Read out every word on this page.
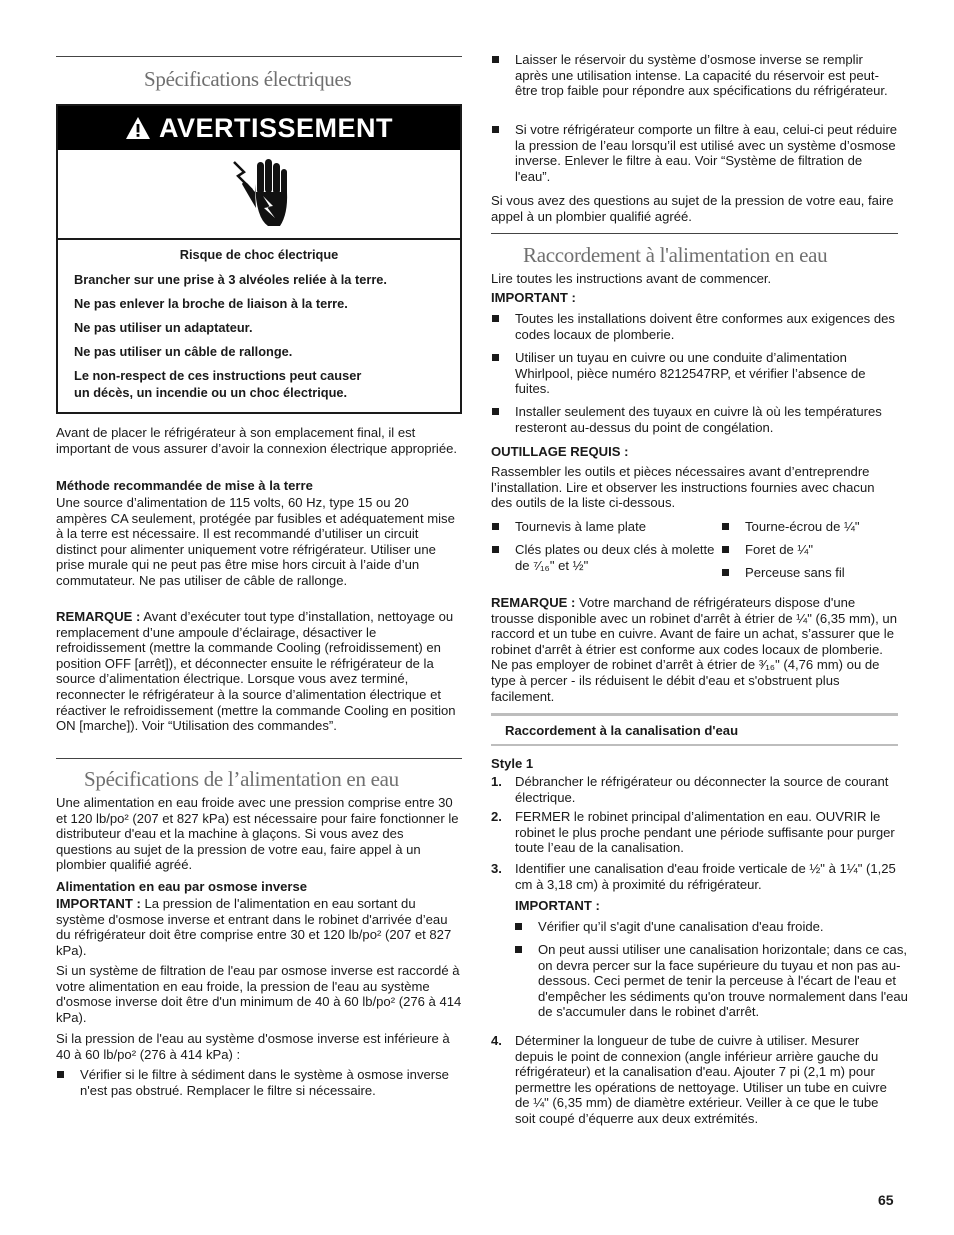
Spécifications électriques
AVERTISSEMENT

Risque de choc électrique

Brancher sur une prise à 3 alvéoles reliée à la terre.

Ne pas enlever la broche de liaison à la terre.

Ne pas utiliser un adaptateur.

Ne pas utiliser un câble de rallonge.

Le non-respect de ces instructions peut causer

un décès, un incendie ou un choc électrique.

Avant de placer le réfrigérateur à son emplacement final, il est important de vous assurer d’avoir la connexion électrique appropriée.

Méthode recommandée de mise à la terre

Une source d’alimentation de 115 volts, 60 Hz, type 15 ou 20 ampères CA seulement, protégée par fusibles et adéquatement mise à la terre est nécessaire. Il est recommandé d’utiliser un circuit distinct pour alimenter uniquement votre réfrigérateur. Utiliser une prise murale qui ne peut pas être mise hors circuit à l’aide d’un commutateur. Ne pas utiliser de câble de rallonge.

REMARQUE : Avant d’exécuter tout type d’installation, nettoyage ou remplacement d’une ampoule d’éclairage, désactiver le refroidissement (mettre la commande Cooling (refroidissement) en position OFF [arrêt]), et déconnecter ensuite le réfrigérateur de la source d’alimentation électrique. Lorsque vous avez terminé, reconnecter le réfrigérateur à la source d’alimentation électrique et réactiver le refroidissement (mettre la commande Cooling en position ON [marche]). Voir “Utilisation des commandes”.

Spécifications de l’alimentation en eau

Une alimentation en eau froide avec une pression comprise entre 30 et 120 lb/po² (207 et 827 kPa) est nécessaire pour faire fonctionner le distributeur d'eau et la machine à glaçons. Si vous avez des questions au sujet de la pression de votre eau, faire appel à un plombier qualifié agréé.

Alimentation en eau par osmose inverse

IMPORTANT : La pression de l'alimentation en eau sortant du système d'osmose inverse et entrant dans le robinet d'arrivée d’eau du réfrigérateur doit être comprise entre 30 et 120 lb/po² (207 et 827 kPa).

Si un système de filtration de l'eau par osmose inverse est raccordé à votre alimentation en eau froide, la pression de l'eau au système d'osmose inverse doit être d'un minimum de 40 à 60 lb/po² (276 à 414 kPa).

Si la pression de l'eau au système d'osmose inverse est inférieure à 40 à 60 lb/po² (276 à 414 kPa) :

Vérifier si le filtre à sédiment dans le système à osmose inverse n'est pas obstrué. Remplacer le filtre si nécessaire.
Laisser le réservoir du système d’osmose inverse se remplir après une utilisation intense. La capacité du réservoir est peut-être trop faible pour répondre aux spécifications du réfrigérateur.
Si votre réfrigérateur comporte un filtre à eau, celui-ci peut réduire la pression de l’eau lorsqu’il est utilisé avec un système d’osmose inverse. Enlever le filtre à eau. Voir “Système de filtration de l'eau”.

Si vous avez des questions au sujet de la pression de votre eau, faire appel à un plombier qualifié agréé.

Raccordement à l'alimentation en eau

Lire toutes les instructions avant de commencer.

IMPORTANT :

Toutes les installations doivent être conformes aux exigences des codes locaux de plomberie.
Utiliser un tuyau en cuivre ou une conduite d’alimentation Whirlpool, pièce numéro 8212547RP, et vérifier l’absence de fuites.
Installer seulement des tuyaux en cuivre là où les températures resteront au-dessus du point de congélation.

OUTILLAGE REQUIS :

Rassembler les outils et pièces nécessaires avant d’entreprendre l’installation. Lire et observer les instructions fournies avec chacun des outils de la liste ci-dessous.

Tournevis à lame plate
Clés plates ou deux clés à molette de ⁷⁄₁₆" et ½"
Tourne-écrou de ¼"
Foret de ¼"
Perceuse sans fil

REMARQUE : Votre marchand de réfrigérateurs dispose d'une trousse disponible avec un robinet d'arrêt à étrier de ¼" (6,35 mm), un raccord et un tube en cuivre. Avant de faire un achat, s’assurer que le robinet d'arrêt à étrier est conforme aux codes locaux de plomberie. Ne pas employer de robinet d’arrêt à étrier de ³⁄₁₆" (4,76 mm) ou de type à percer - ils réduisent le débit d'eau et s'obstruent plus facilement.

Raccordement à la canalisation d'eau

Style 1

1. Débrancher le réfrigérateur ou déconnecter la source de courant électrique.
2. FERMER le robinet principal d’alimentation en eau. OUVRIR le robinet le plus proche pendant une période suffisante pour purger toute l’eau de la canalisation.
3. Identifier une canalisation d'eau froide verticale de ½" à 1¼" (1,25 cm à 3,18 cm) à proximité du réfrigérateur.

IMPORTANT :

Vérifier qu’il s'agit d'une canalisation d'eau froide.
On peut aussi utiliser une canalisation horizontale; dans ce cas, on devra percer sur la face supérieure du tuyau et non pas au-dessous. Ceci permet de tenir la perceuse à l'écart de l'eau et d'empêcher les sédiments qu'on trouve normalement dans l'eau de s'accumuler dans le robinet d'arrêt.
4. Déterminer la longueur de tube de cuivre à utiliser. Mesurer depuis le point de connexion (angle inférieur arrière gauche du réfrigérateur) et la canalisation d'eau. Ajouter 7 pi (2,1 m) pour permettre les opérations de nettoyage. Utiliser un tube en cuivre de ¼" (6,35 mm) de diamètre extérieur. Veiller à ce que le tube soit coupé d’équerre aux deux extrémités.
65
